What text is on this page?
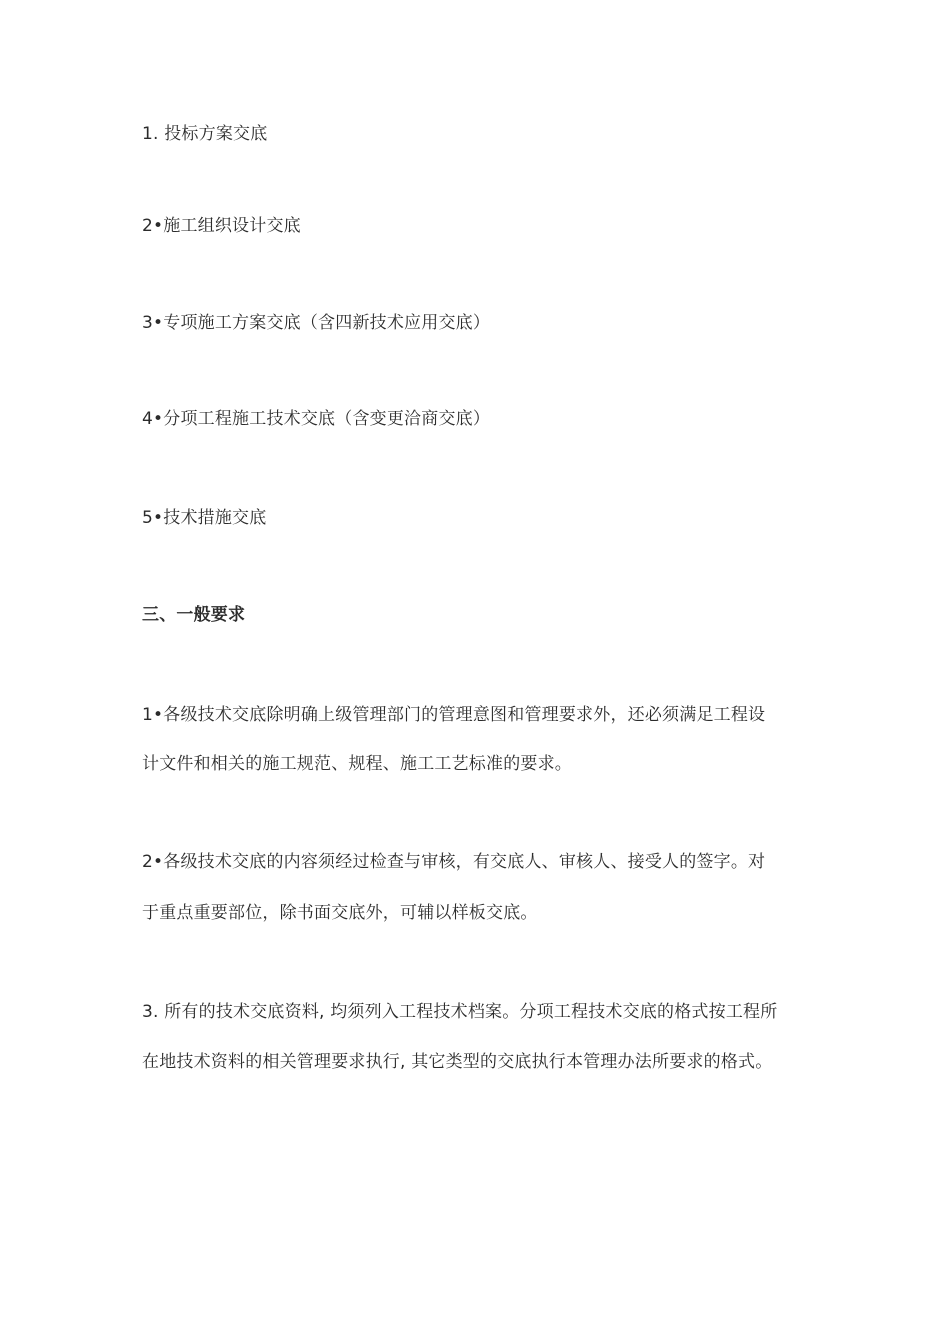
1. 投标方案交底
2•施工组织设计交底
3•专项施工方案交底（含四新技术应用交底）
4•分项工程施工技术交底（含变更洽商交底）
5•技术措施交底
三、一般要求
1•各级技术交底除明确上级管理部门的管理意图和管理要求外，还必须满足工程设
计文件和相关的施工规范、规程、施工工艺标准的要求。
2•各级技术交底的内容须经过检查与审核，有交底人、审核人、接受人的签字。对
于重点重要部位，除书面交底外，可辅以样板交底。
3. 所有的技术交底资料, 均须列入工程技术档案。分项工程技术交底的格式按工程所
在地技术资料的相关管理要求执行, 其它类型的交底执行本管理办法所要求的格式。
